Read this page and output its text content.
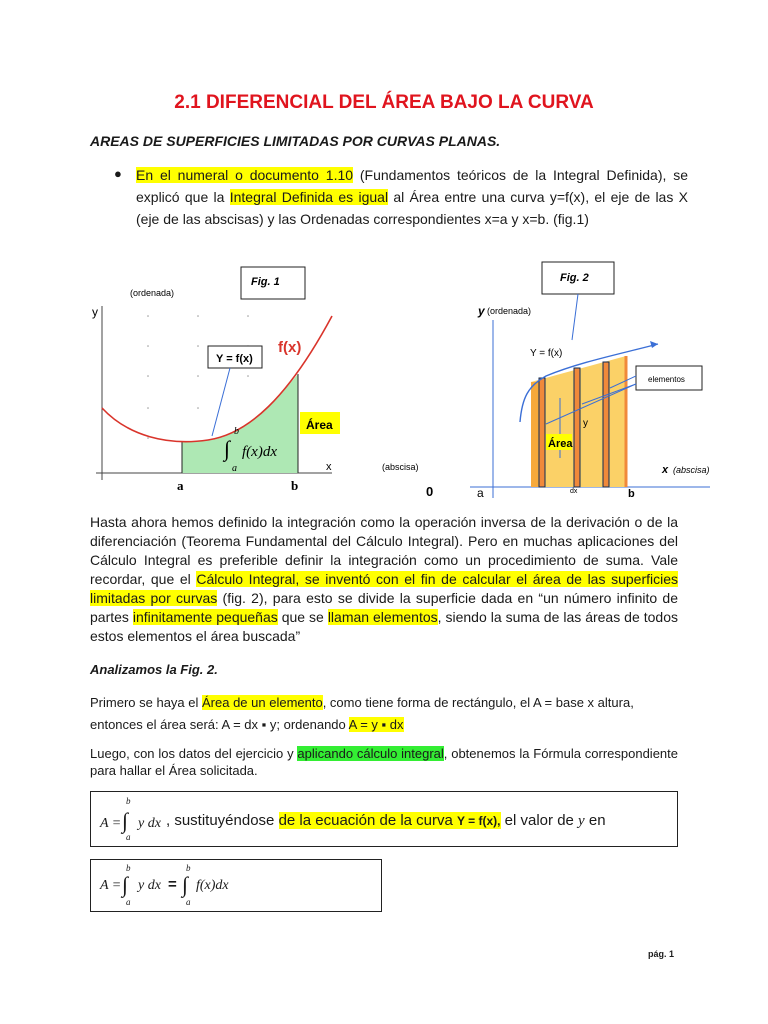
2.1 DIFERENCIAL DEL ÁREA BAJO LA CURVA
AREAS DE SUPERFICIES LIMITADAS POR CURVAS PLANAS.
● En el numeral o documento 1.10 (Fundamentos teóricos de la Integral Definida), se explicó que la Integral Definida es igual al Área entre una curva y=f(x), el eje de las X (eje de las abscisas) y las Ordenadas correspondientes x=a y x=b. (fig.1)
Fig. 1
(ordenada)
y
x
f(x)
Y = f(x)
b
∫
a
f(x)dx
Área
a	b
(abscisa)
0
Fig. 2
y (ordenada)
Y = f(x)
elementos
y
Área
x (abscisa)
a	dx	b
Hasta ahora hemos definido la integración como la operación inversa de la derivación o de la diferenciación (Teorema Fundamental del Cálculo Integral). Pero en muchas aplicaciones del Cálculo Integral es preferible definir la integración como un procedimiento de suma. Vale recordar, que el Cálculo Integral, se inventó con el fin de calcular el área de las superficies limitadas por curvas (fig. 2), para esto se divide la superficie dada en “un número infinito de partes infinitamente pequeñas que se llaman elementos, siendo la suma de las áreas de todos estos elementos el área buscada”
Analizamos la Fig. 2.
Primero se haya el Área de un elemento, como tiene forma de rectángulo, el A = base x altura, entonces el área será: A = dx ▪ y; ordenando A = y ▪ dx
Luego, con los datos del ejercicio y aplicando cálculo integral, obtenemos la Fórmula correspondiente para hallar el Área solicitada.
A =
b
∫
a
y dx , sustituyéndose de la ecuación de la curva Y = f(x), el valor de y en
A =
b
∫
a
y dx =
b
∫
a
f(x)dx
pág. 1
